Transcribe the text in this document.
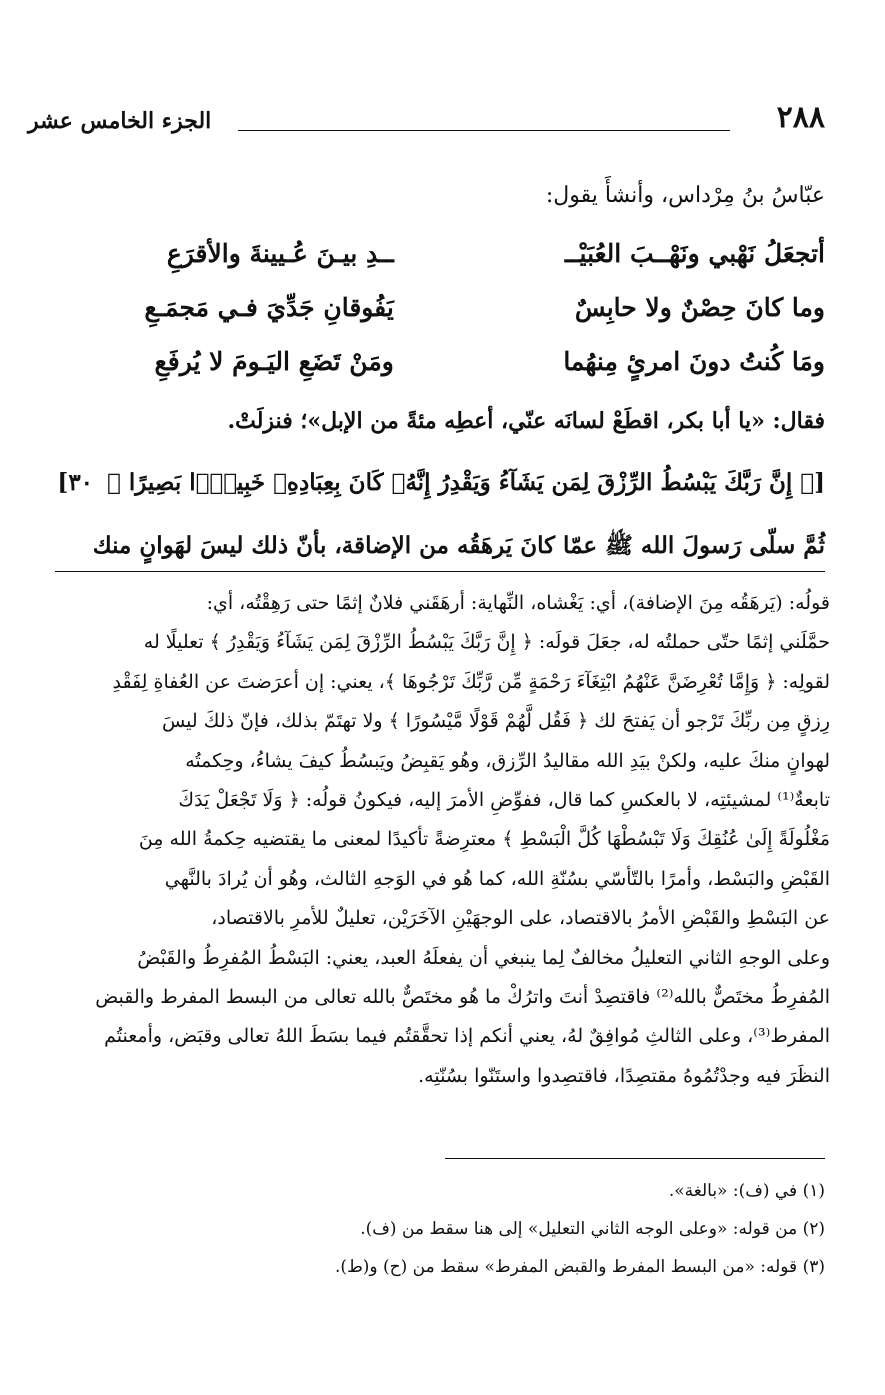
الجزء الخامس عشر	٢٨٨
عبّاسُ بنُ مِرْداس، وأنشأَ يقول:
أتجعَلُ نَهْبي ونَهْــبَ العُبَيْــ
ــدِ بيـنَ عُـيينةَ والأقرَعِ
وما كانَ حِصْنٌ ولا حابِسٌ
يَفُوقانِ جَدِّيَ فـي مَجمَـعِ
ومَا كُنتُ دونَ امرئٍ مِنهُما
ومَنْ تَضَعِ اليَـومَ لا يُرفَعِ
فقال: «يا أبا بكر، اقطَعْ لسانَه عنّي، أعطِه مئةً من الإبل»؛ فنزلَتْ.
[﴿ إِنَّ رَبَّكَ يَبْسُطُ الرِّزْقَ لِمَن يَشَآءُ وَيَقْدِرُ إِنَّهُۥ كَانَ بِعِبَادِهِۦ خَبِيرًۢا بَصِيرًا ﴾ ٣٠]
ثُمَّ سلّى رَسولَ الله ﷺ عمّا كانَ يَرهَقُه من الإضاقة، بأنّ ذلك ليسَ لهَوانٍ منك
قولُه: (يَرهَقُه مِنَ الإضافة)، أي: يَغْشاه، النِّهاية: أرهَقَني فلانٌ إثمًا حتى رَهِقْتُه، أي:
حمَّلَني إثمًا حتّى حملتُه له، جعَلَ قولَه: ﴿ إِنَّ رَبَّكَ يَبْسُطُ الرِّزْقَ لِمَن يَشَآءُ وَيَقْدِرُ ﴾ تعليلًا له
لقولِه: ﴿ وَإِمَّا تُعْرِضَنَّ عَنْهُمُ ابْتِغَآءَ رَحْمَةٍ مِّن رَّبِّكَ تَرْجُوهَا ﴾، يعني: إن أعرَضتَ عن العُفاةِ لِفَقْدِ
رِزقٍ مِن ربِّكَ تَرْجو أن يَفتحَ لك ﴿ فَقُل لَّهُمْ قَوْلًا مَّيْسُورًا ﴾ ولا تهتَمّ بذلك، فإنّ ذلكَ ليسَ
لهوانٍ منكَ عليه، ولكنْ بيَدِ الله مقاليدُ الرِّزق، وهُو يَقبِضُ ويَبسُطُ كيفَ يشاءُ، وحِكمتُه
تابعةٌ⁽¹⁾ لمشيئتِه، لا بالعكسِ كما قال، ففوِّضِ الأمرَ إليه، فيكونُ قولُه: ﴿ وَلَا تَجْعَلْ يَدَكَ
مَغْلُولَةً إِلَىٰ عُنُقِكَ وَلَا تَبْسُطْهَا كُلَّ الْبَسْطِ ﴾ معترِضةً تأكيدًا لمعنى ما يقتضيه حِكمةُ الله مِنَ
القَبْضِ والبَسْط، وأمرًا بالتّأسّي بسُنّةِ الله، كما هُو في الوَجهِ الثالث، وهُو أن يُرادَ بالنَّهي
عن البَسْطِ والقَبْضِ الأمرُ بالاقتصاد، على الوجهَيْنِ الآخَرَيْن، تعليلٌ للأمرِ بالاقتصاد،
وعلى الوجهِ الثاني التعليلُ مخالفٌ لِما ينبغي أن يفعلَهُ العبد، يعني: البَسْطُ المُفرِطُ والقَبْضُ
المُفرِطُ مختَصٌّ بالله⁽²⁾ فاقتصِدْ أنتَ واترُكْ ما هُو مختَصٌّ بالله تعالى من البسط المفرط والقبض
المفرط⁽³⁾، وعلى الثالثِ مُوافِقٌ لهُ، يعني أنكم إذا تحقَّقتُم فيما بسَطَ اللهُ تعالى وقبَض، وأمعنتُم
النظَرَ فيه وجدْتُمُوهُ مقتصِدًا، فاقتصِدوا واستَنّوا بسُنّتِه.
(١) في (ف): «بالغة».
(٢) من قوله: «وعلى الوجه الثاني التعليل» إلى هنا سقط من (ف).
(٣) قوله: «من البسط المفرط والقبض المفرط» سقط من (ح) و(ط).
